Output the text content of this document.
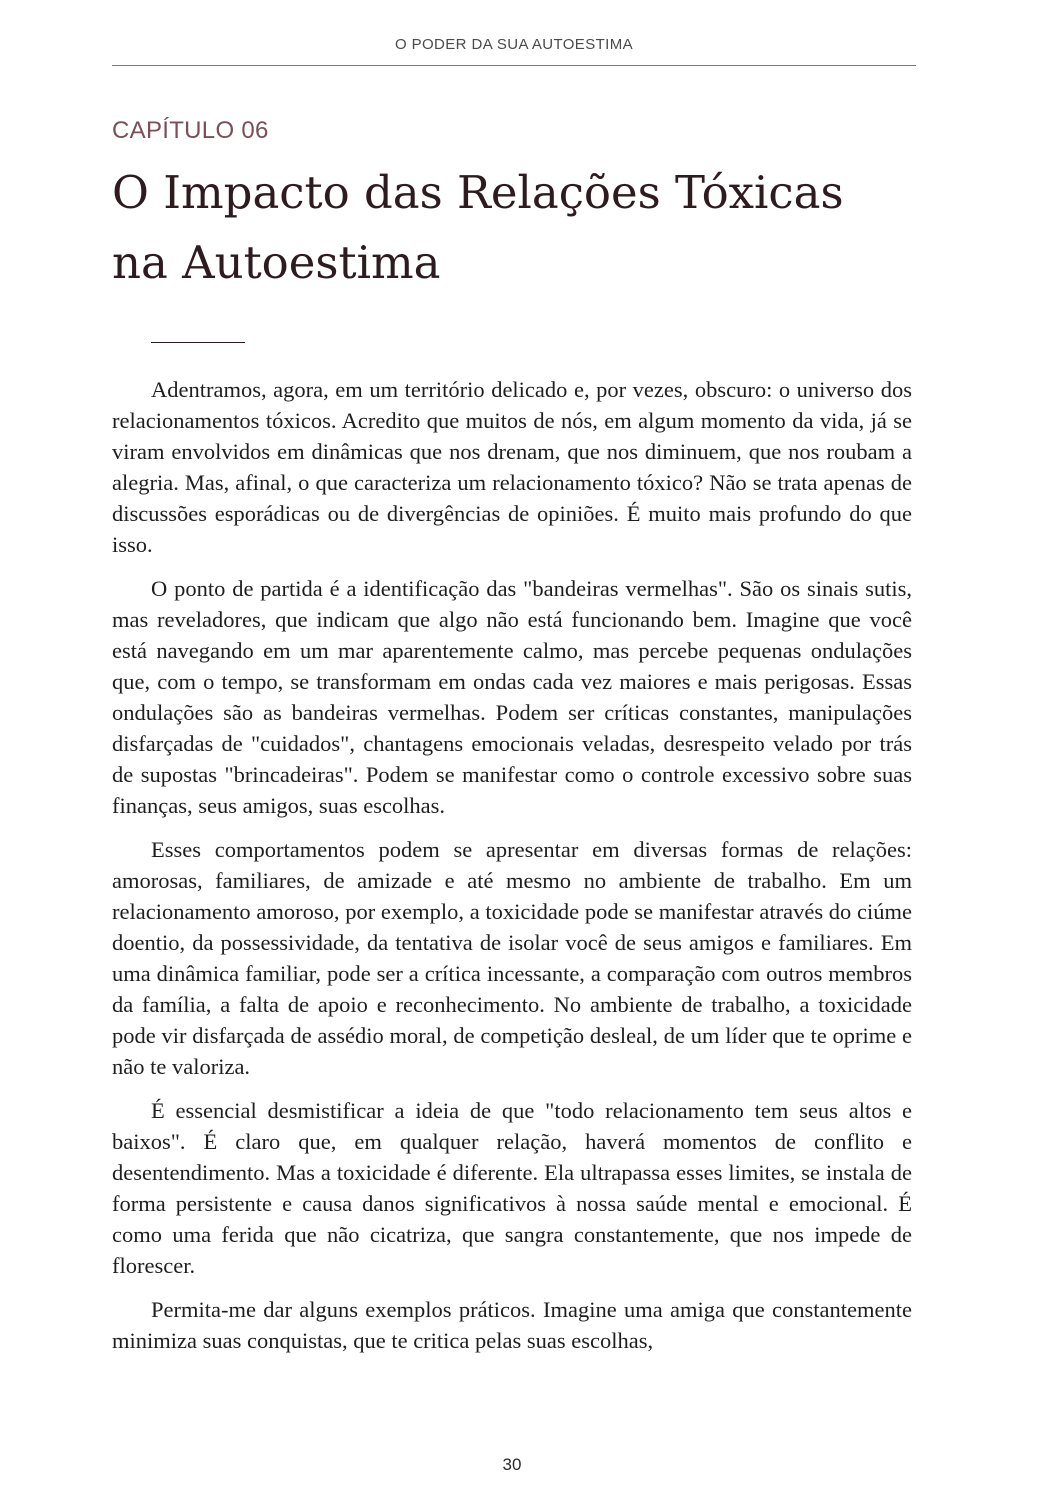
O PODER DA SUA AUTOESTIMA
CAPÍTULO 06
O Impacto das Relações Tóxicas na Autoestima

Adentramos, agora, em um território delicado e, por vezes, obscuro: o universo dos relacionamentos tóxicos. Acredito que muitos de nós, em algum momento da vida, já se viram envolvidos em dinâmicas que nos drenam, que nos diminuem, que nos roubam a alegria. Mas, afinal, o que caracteriza um relacionamento tóxico? Não se trata apenas de discussões esporádicas ou de divergências de opiniões. É muito mais profundo do que isso.

O ponto de partida é a identificação das "bandeiras vermelhas". São os sinais sutis, mas reveladores, que indicam que algo não está funcionando bem. Imagine que você está navegando em um mar aparentemente calmo, mas percebe pequenas ondulações que, com o tempo, se transformam em ondas cada vez maiores e mais perigosas. Essas ondulações são as bandeiras vermelhas. Podem ser críticas constantes, manipulações disfarçadas de "cuidados", chantagens emocionais veladas, desrespeito velado por trás de supostas "brincadeiras". Podem se manifestar como o controle excessivo sobre suas finanças, seus amigos, suas escolhas.

Esses comportamentos podem se apresentar em diversas formas de relações: amorosas, familiares, de amizade e até mesmo no ambiente de trabalho. Em um relacionamento amoroso, por exemplo, a toxicidade pode se manifestar através do ciúme doentio, da possessividade, da tentativa de isolar você de seus amigos e familiares. Em uma dinâmica familiar, pode ser a crítica incessante, a comparação com outros membros da família, a falta de apoio e reconhecimento. No ambiente de trabalho, a toxicidade pode vir disfarçada de assédio moral, de competição desleal, de um líder que te oprime e não te valoriza.

É essencial desmistificar a ideia de que "todo relacionamento tem seus altos e baixos". É claro que, em qualquer relação, haverá momentos de conflito e desentendimento. Mas a toxicidade é diferente. Ela ultrapassa esses limites, se instala de forma persistente e causa danos significativos à nossa saúde mental e emocional. É como uma ferida que não cicatriza, que sangra constantemente, que nos impede de florescer.

Permita-me dar alguns exemplos práticos. Imagine uma amiga que constantemente minimiza suas conquistas, que te critica pelas suas escolhas,

30
